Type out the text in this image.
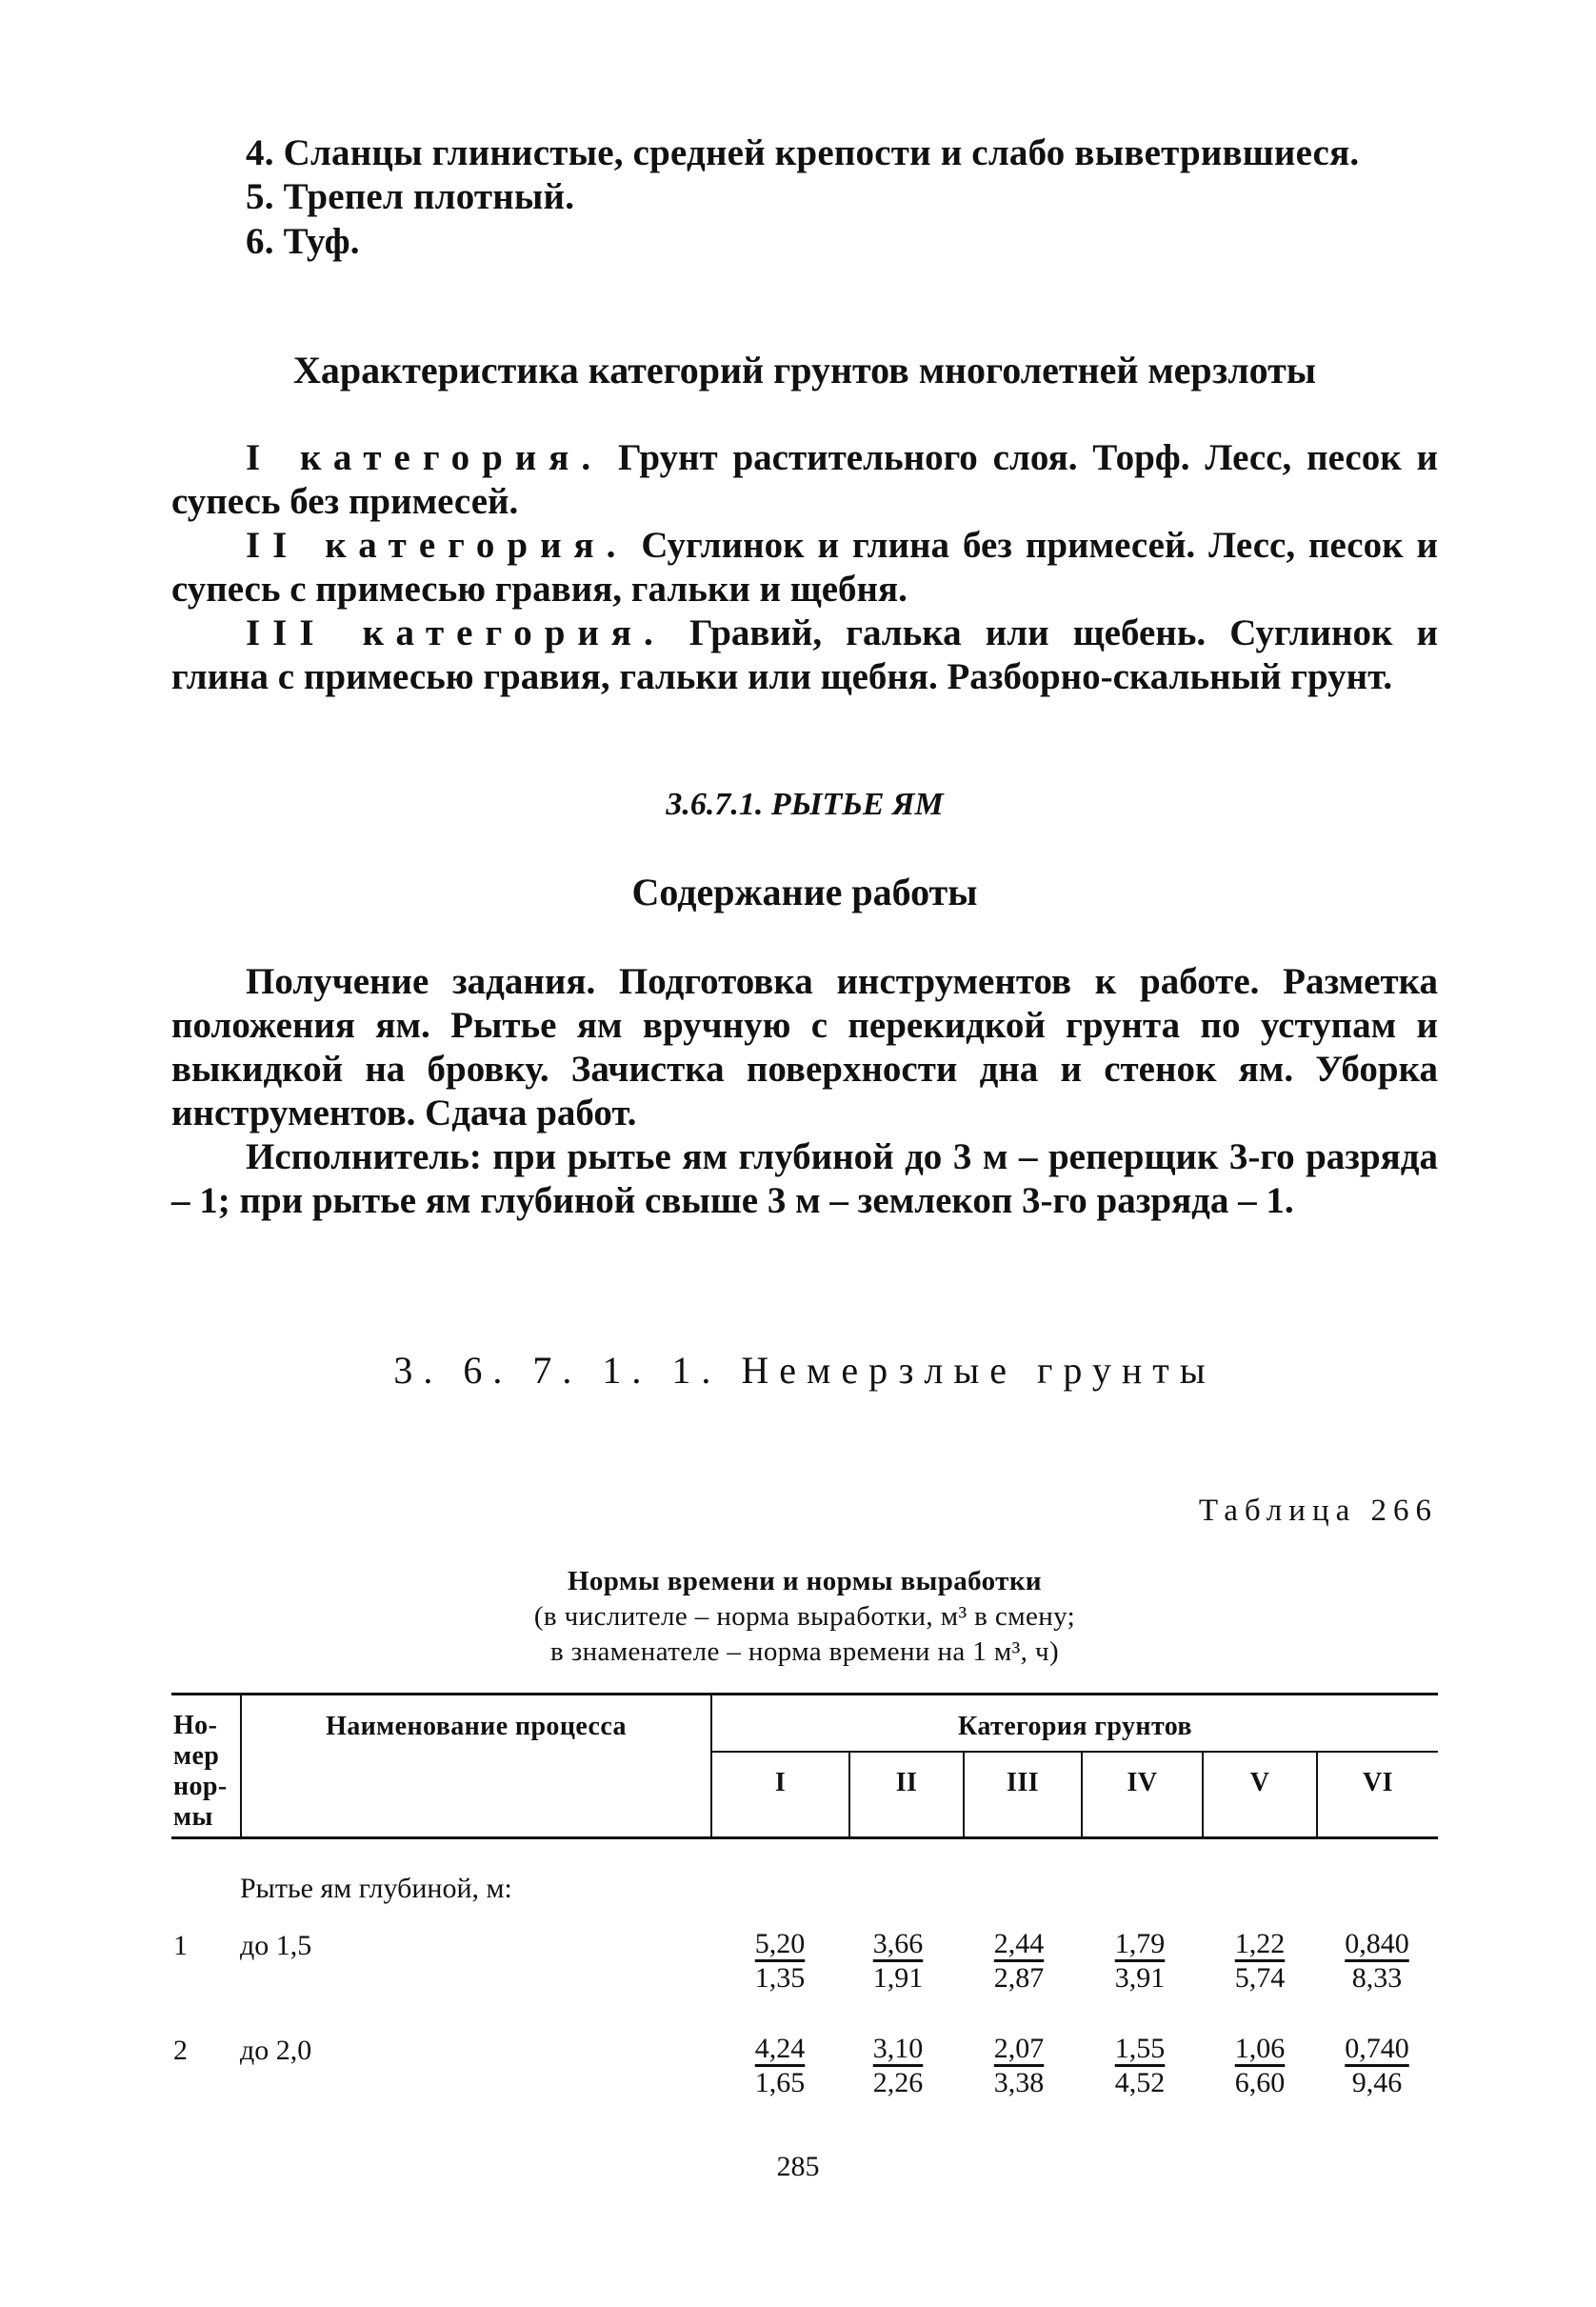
4. Сланцы глинистые, средней крепости и слабо выветрившиеся.
5. Трепел плотный.
6. Туф.
Характеристика категорий грунтов многолетней мерзлоты
I категория. Грунт растительного слоя. Торф. Лесс, песок и супесь без примесей.
II категория. Суглинок и глина без примесей. Лесс, песок и супесь с примесью гравия, гальки и щебня.
III категория. Гравий, галька или щебень. Суглинок и глина с примесью гравия, гальки или щебня. Разборно-скальный грунт.
3.6.7.1. РЫТЬЕ ЯМ
Содержание работы
Получение задания. Подготовка инструментов к работе. Разметка положения ям. Рытье ям вручную с перекидкой грунта по уступам и выкидкой на бровку. Зачистка поверхности дна и стенок ям. Уборка инструментов. Сдача работ.
Исполнитель: при рытье ям глубиной до 3 м – реперщик 3-го разряда – 1; при рытье ям глубиной свыше 3 м – землекоп 3-го разряда – 1.
3. 6. 7. 1. 1. Немерзлые грунты
Таблица 266
Нормы времени и нормы выработки
(в числителе – норма выработки, м³ в смену;
в знаменателе – норма времени на 1 м³, ч)
Но-
мер
нор-
мы
Наименование процесса	Категория грунтов
I	II	III	IV	V	VI
Рытье ям глубиной, м:
1 до 1,5	$\frac{5,20}{1,35} \frac{3,66}{1,91} \frac{2,44}{2,87} \frac{1,79}{3,91} \frac{1,22}{5,74} \frac{0,840}{8,33}$
2 до 2,0	$\frac{4,24}{1,65} \frac{3,10}{2,26} \frac{2,07}{3,38} \frac{1,55}{4,52} \frac{1,06}{6,60} \frac{0,740}{9,46}$
285
